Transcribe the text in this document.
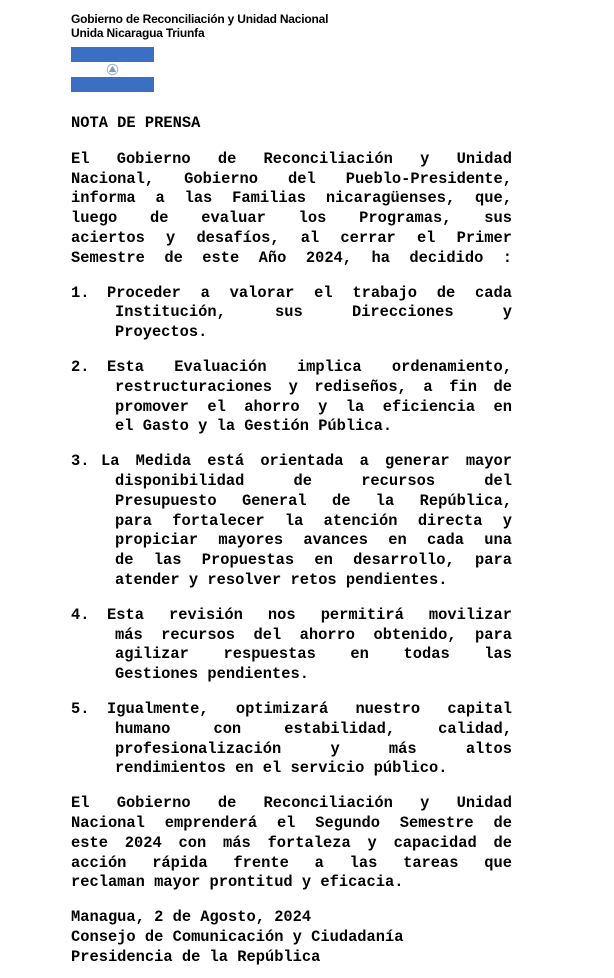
Gobierno de Reconciliación y Unidad Nacional
Unida Nicaragua Triunfa
NOTA DE PRENSA
El Gobierno de Reconciliación y Unidad
Nacional, Gobierno del Pueblo-Presidente,
informa a las Familias nicaragüenses, que,
luego de evaluar los Programas, sus
aciertos y desafíos, al cerrar el Primer
Semestre de este Año 2024, ha decidido :
1. Proceder a valorar el trabajo de cada
Institución, sus Direcciones y
Proyectos.
2. Esta Evaluación implica ordenamiento,
restructuraciones y rediseños, a fin de
promover el ahorro y la eficiencia en
el Gasto y la Gestión Pública.
3. La Medida está orientada a generar mayor
disponibilidad de recursos del
Presupuesto General de la República,
para fortalecer la atención directa y
propiciar mayores avances en cada una
de las Propuestas en desarrollo, para
atender y resolver retos pendientes.
4. Esta revisión nos permitirá movilizar
más recursos del ahorro obtenido, para
agilizar respuestas en todas las
Gestiones pendientes.
5. Igualmente, optimizará nuestro capital
humano con estabilidad, calidad,
profesionalización y más altos
rendimientos en el servicio público.
El Gobierno de Reconciliación y Unidad
Nacional emprenderá el Segundo Semestre de
este 2024 con más fortaleza y capacidad de
acción rápida frente a las tareas que
reclaman mayor prontitud y eficacia.
Managua, 2 de Agosto, 2024
Consejo de Comunicación y Ciudadanía
Presidencia de la República
